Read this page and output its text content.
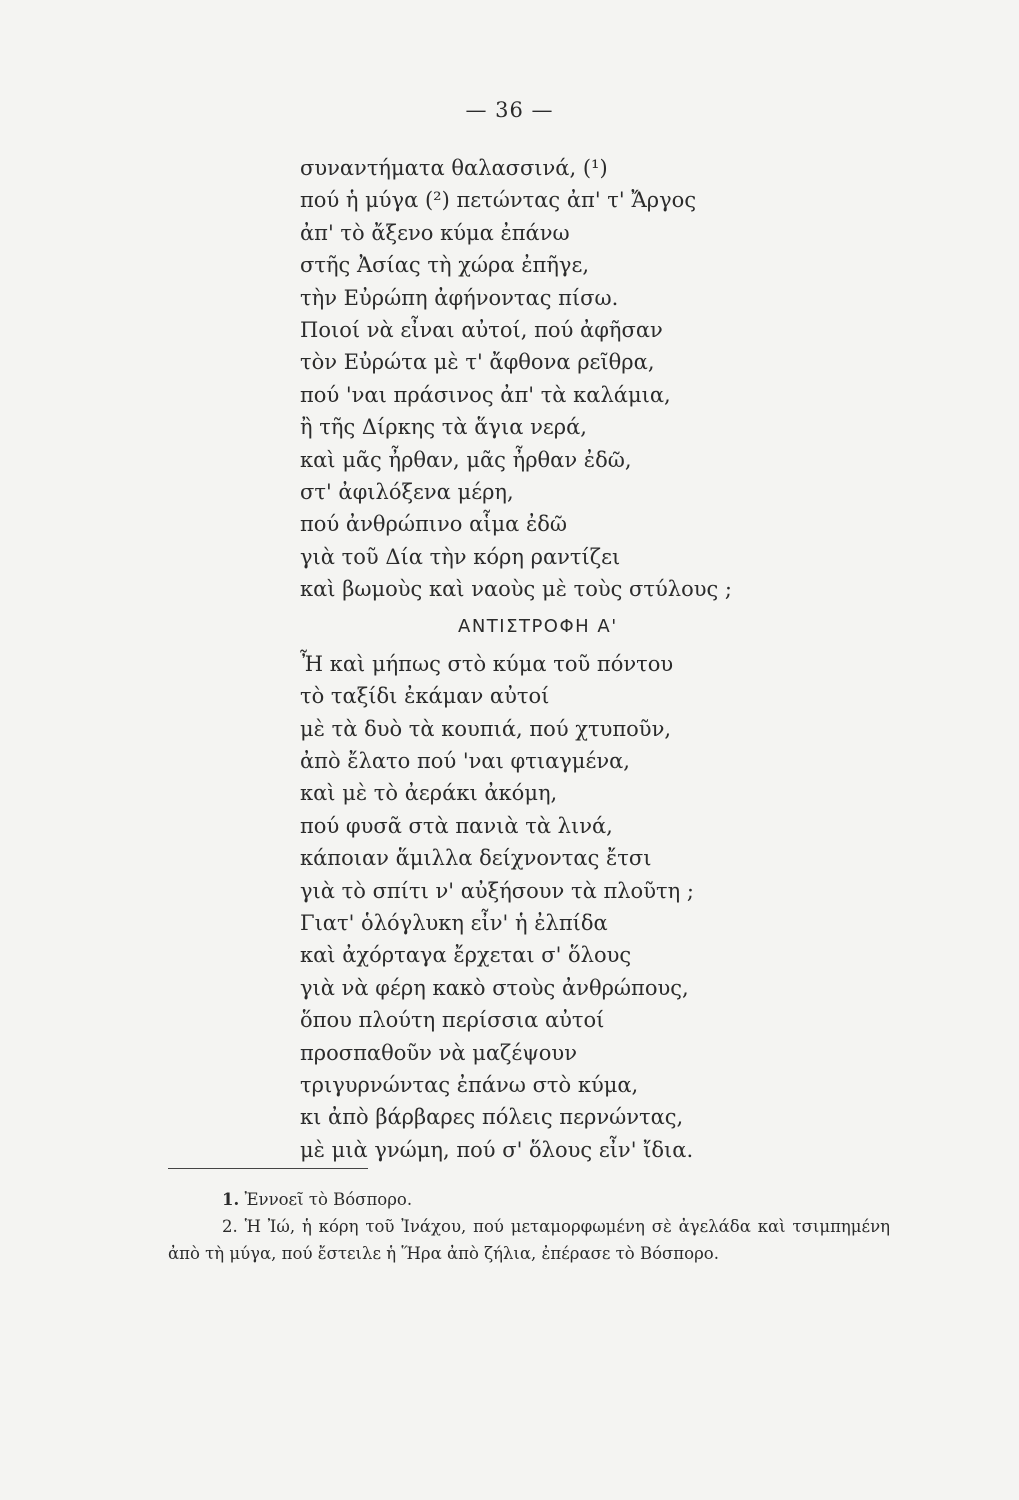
— 36 —
συναντήματα θαλασσινά, (¹)
πού ἡ μύγα (²) πετώντας ἀπ' τ' Ἄργος
ἀπ' τὸ ἄξενο κύμα ἐπάνω
στῆς Ἀσίας τὴ χώρα ἐπῆγε,
τὴν Εὐρώπη ἀφήνοντας πίσω.
Ποιοί νὰ εἶναι αὐτοί, πού ἀφῆσαν
τὸν Εὐρώτα μὲ τ' ἄφθονα ρεῖθρα,
πού 'ναι πράσινος ἀπ' τὰ καλάμια,
ἢ τῆς Δίρκης τὰ ἅγια νερά,
καὶ μᾶς ἦρθαν, μᾶς ἦρθαν ἐδῶ,
στ' ἀφιλόξενα μέρη,
πού ἀνθρώπινο αἷμα ἐδῶ
γιὰ τοῦ Δία τὴν κόρη ραντίζει
καὶ βωμοὺς καὶ ναοὺς μὲ τοὺς στύλους ;
ΑΝΤΙΣΤΡΟΦΗ Α'
Ἦ καὶ μήπως στὸ κύμα τοῦ πόντου
τὸ ταξίδι ἐκάμαν αὐτοί
μὲ τὰ δυὸ τὰ κουπιά, πού χτυποῦν,
ἀπὸ ἔλατο πού 'ναι φτιαγμένα,
καὶ μὲ τὸ ἀεράκι ἀκόμη,
πού φυσᾶ στὰ πανιὰ τὰ λινά,
κάποιαν ἅμιλλα δείχνοντας ἔτσι
γιὰ τὸ σπίτι ν' αὐξήσουν τὰ πλοῦτη ;
Γιατ' ὁλόγλυκη εἶν' ἡ ἐλπίδα
καὶ ἀχόρταγα ἔρχεται σ' ὅλους
γιὰ νὰ φέρη κακὸ στοὺς ἀνθρώπους,
ὅπου πλούτη περίσσια αὐτοί
προσπαθοῦν νὰ μαζέψουν
τριγυρνώντας ἐπάνω στὸ κύμα,
κι ἀπὸ βάρβαρες πόλεις περνώντας,
μὲ μιὰ γνώμη, πού σ' ὅλους εἶν' ἴδια.
1. Ἐννοεῖ τὸ Βόσπορο.
2. Ἡ Ἰώ, ἡ κόρη τοῦ Ἰνάχου, πού μεταμορφωμένη σὲ ἀγελάδα καὶ τσιμπημένη ἀπὸ τὴ μύγα, πού ἔστειλε ἡ Ἥρα ἀπὸ ζήλια, ἐπέρασε τὸ Βόσπορο.
